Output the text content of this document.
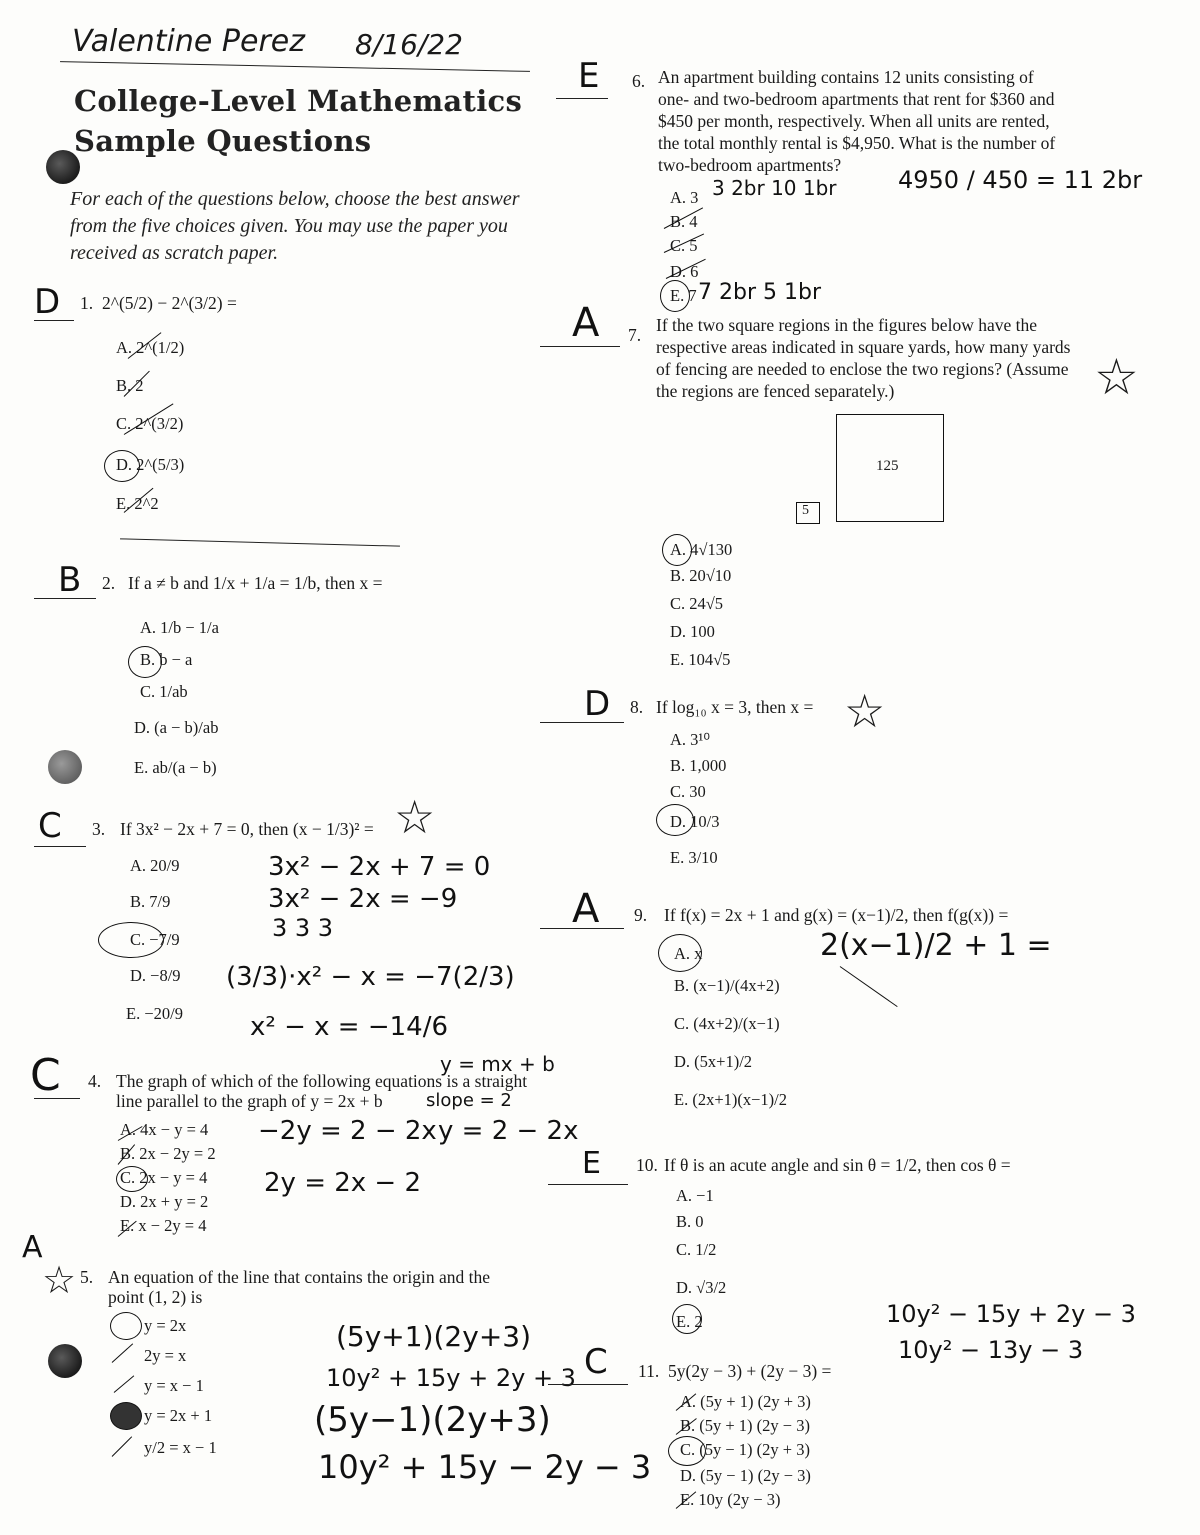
Valentine Perez 8/16/22
College-Level Mathematics
Sample Questions
For each of the questions below, choose the best answer
from the five choices given. You may use the paper you
received as scratch paper.
D 1. 2^(5/2) − 2^(3/2) =
A. 2^(1/2)
B. 2
C. 2^(3/2)
D. 2^(5/3)
E. 2^2
B 2. If a ≠ b and 1/x + 1/a = 1/b, then x =
A. 1/b − 1/a
B. b − a
C. 1/ab
D. (a − b)/ab
E. ab/(a − b)
C 3. If 3x² − 2x + 7 = 0, then (x − 1/3)² = ☆
A. 20/9
B. 7/9
C. −7/9
D. −8/9
E. −20/9
3x² − 2x + 7 = 0
3x² − 2x = −9
3 3 3
(3/3)·x² − x = −7(2/3)
x² − x = −14/6
C 4. The graph of which of the following equations is a straight
line parallel to the graph of y = 2x + b
y = mx + b
slope = 2
A. 4x − y = 4
B. 2x − 2y = 2
C. 2x − y = 4
D. 2x + y = 2
E. x − 2y = 4
−2y = 2 − 2x y = 2 − 2x
2y = 2x − 2
A
☆ 5. An equation of the line that contains the origin and the
point (1, 2) is
y = 2x
2y = x
y = x − 1
y = 2x + 1
y/2 = x − 1
(5y+1)(2y+3)
10y² + 15y + 2y + 3
(5y−1)(2y+3)
10y² + 15y − 2y − 3
E 6. An apartment building contains 12 units consisting of
one- and two-bedroom apartments that rent for $360 and
$450 per month, respectively. When all units are rented,
the total monthly rental is $4,950. What is the number of
two-bedroom apartments?
A. 3
B. 4
C. 5
D. 6
E. 7
3 2br 10 1br	4950 / 450 = 11 2br
7 2br 5 1br
A 7. If the two square regions in the figures below have the
respective areas indicated in square yards, how many yards
of fencing are needed to enclose the two regions? (Assume
the regions are fenced separately.)	☆
125
5
A. 4√130
B. 20√10
C. 24√5
D. 100
E. 104√5
D 8. If log₁₀ x = 3, then x = ☆
A. 3¹⁰
B. 1,000
C. 30
D. 10/3
E. 3/10
A 9. If f(x) = 2x + 1 and g(x) = (x−1)/2, then f(g(x)) =
A. x
B. (x−1)/(4x+2)
C. (4x+2)/(x−1)
D. (5x+1)/2
E. (2x+1)(x−1)/2
2(x−1)/2 + 1 =
E 10. If θ is an acute angle and sin θ = 1/2, then cos θ =
A. −1
B. 0
C. 1/2
D. √3/2
E. 2
C 11. 5y(2y − 3) + (2y − 3) =
A. (5y + 1) (2y + 3)
B. (5y + 1) (2y − 3)
C. (5y − 1) (2y + 3)
D. (5y − 1) (2y − 3)
E. 10y (2y − 3)
10y² − 15y + 2y − 3
10y² − 13y − 3
